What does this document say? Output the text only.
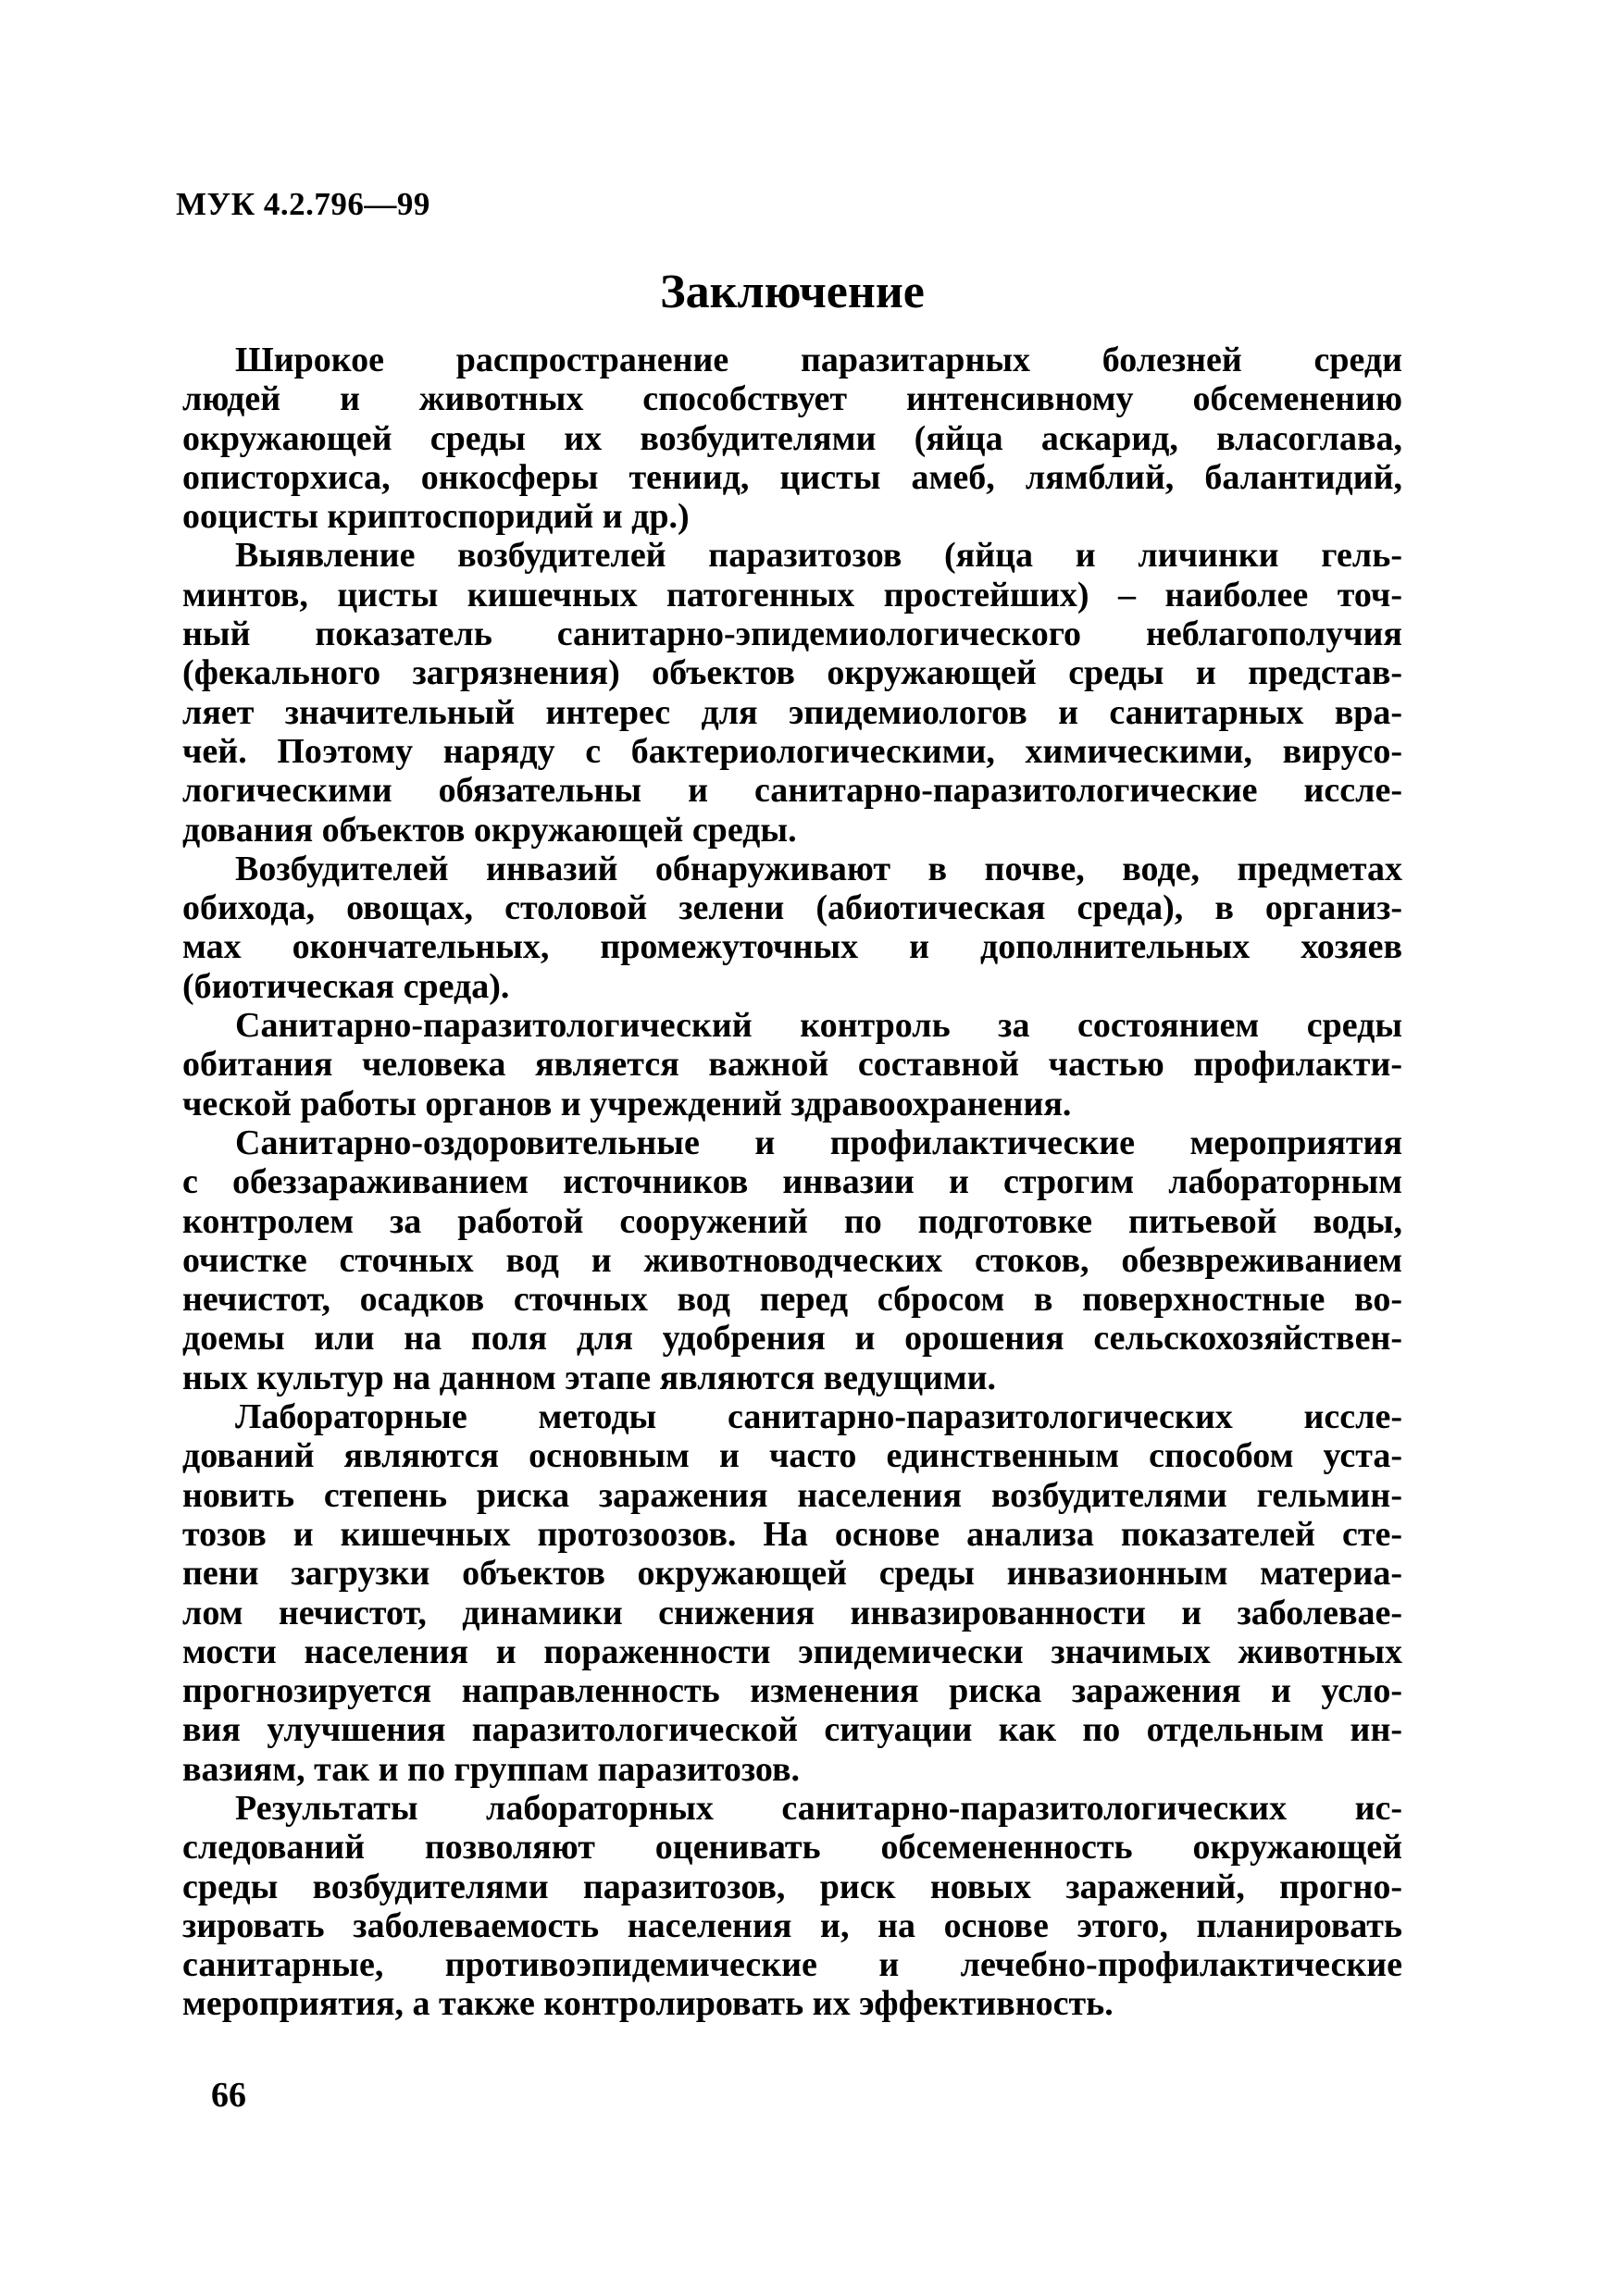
МУК 4.2.796—99
Заключение

Широкое распространение паразитарных болезней среди
людей и животных способствует интенсивному обсеменению
окружающей среды их возбудителями (яйца аскарид, власоглава,
описторхиса, онкосферы тениид, цисты амеб, лямблий, балантидий,
ооцисты криптоспоридий и др.)

Выявление возбудителей паразитозов (яйца и личинки гель-
минтов, цисты кишечных патогенных простейших) – наиболее точ-
ный показатель санитарно-эпидемиологического неблагополучия
(фекального загрязнения) объектов окружающей среды и представ-
ляет значительный интерес для эпидемиологов и санитарных вра-
чей. Поэтому наряду с бактериологическими, химическими, вирусо-
логическими обязательны и санитарно-паразитологические иссле-
дования объектов окружающей среды.

Возбудителей инвазий обнаруживают в почве, воде, предметах
обихода, овощах, столовой зелени (абиотическая среда), в организ-
мах окончательных, промежуточных и дополнительных хозяев
(биотическая среда).

Санитарно-паразитологический контроль за состоянием среды
обитания человека является важной составной частью профилакти-
ческой работы органов и учреждений здравоохранения.

Санитарно-оздоровительные и профилактические мероприятия
с обеззараживанием источников инвазии и строгим лабораторным
контролем за работой сооружений по подготовке питьевой воды,
очистке сточных вод и животноводческих стоков, обезвреживанием
нечистот, осадков сточных вод перед сбросом в поверхностные во-
доемы или на поля для удобрения и орошения сельскохозяйствен-
ных культур на данном этапе являются ведущими.

Лабораторные методы санитарно-паразитологических иссле-
дований являются основным и часто единственным способом уста-
новить степень риска заражения населения возбудителями гельмин-
тозов и кишечных протозоозов. На основе анализа показателей сте-
пени загрузки объектов окружающей среды инвазионным материа-
лом нечистот, динамики снижения инвазированности и заболевае-
мости населения и пораженности эпидемически значимых животных
прогнозируется направленность изменения риска заражения и усло-
вия улучшения паразитологической ситуации как по отдельным ин-
вазиям, так и по группам паразитозов.

Результаты лабораторных санитарно-паразитологических ис-
следований позволяют оценивать обсемененность окружающей
среды возбудителями паразитозов, риск новых заражений, прогно-
зировать заболеваемость населения и, на основе этого, планировать
санитарные, противоэпидемические и лечебно-профилактические
мероприятия, а также контролировать их эффективность.

66
